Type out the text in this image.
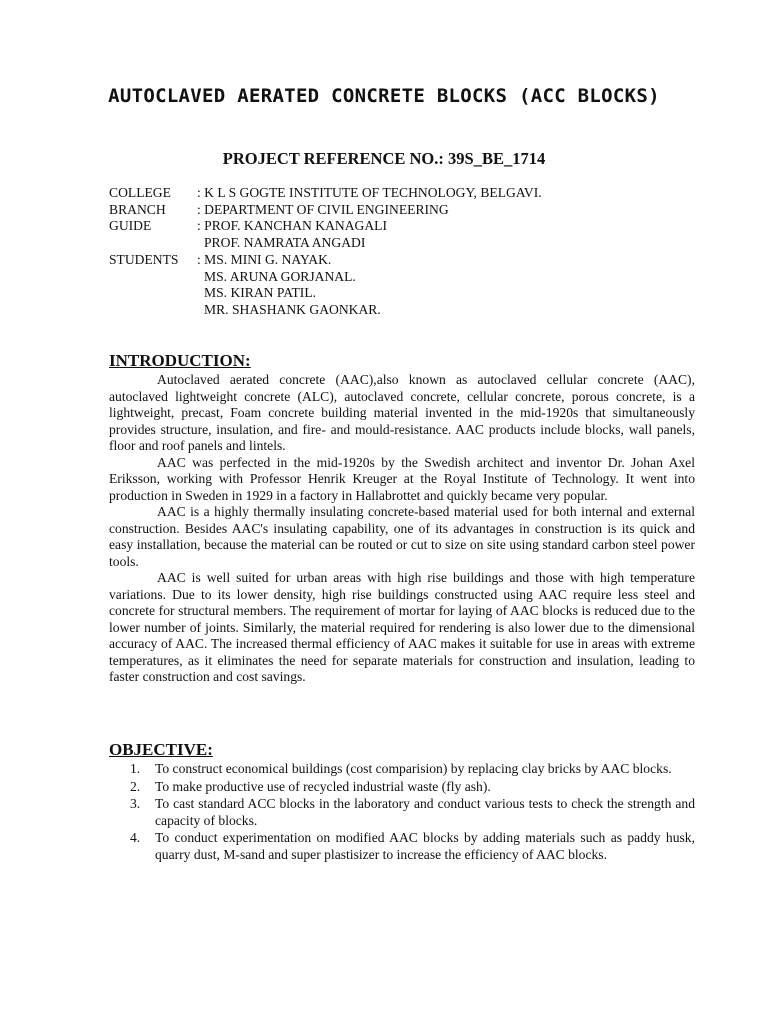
AUTOCLAVED AERATED CONCRETE BLOCKS (ACC BLOCKS)
PROJECT REFERENCE NO.: 39S_BE_1714
COLLEGE	: K L S GOGTE INSTITUTE OF TECHNOLOGY, BELGAVI.
BRANCH	: DEPARTMENT OF CIVIL ENGINEERING
GUIDE	: PROF. KANCHAN KANAGALI
PROF. NAMRATA ANGADI
STUDENTS	: MS. MINI G. NAYAK.
MS. ARUNA GORJANAL.
MS. KIRAN PATIL.
MR. SHASHANK GAONKAR.
INTRODUCTION:

Autoclaved aerated concrete (AAC),also known as autoclaved cellular concrete (AAC), autoclaved lightweight concrete (ALC), autoclaved concrete, cellular concrete, porous concrete, is a lightweight, precast, Foam concrete building material invented in the mid-1920s that simultaneously provides structure, insulation, and fire- and mould-resistance. AAC products include blocks, wall panels, floor and roof panels and lintels.

AAC was perfected in the mid-1920s by the Swedish architect and inventor Dr. Johan Axel Eriksson, working with Professor Henrik Kreuger at the Royal Institute of Technology. It went into production in Sweden in 1929 in a factory in Hallabrottet and quickly became very popular.

AAC is a highly thermally insulating concrete-based material used for both internal and external construction. Besides AAC's insulating capability, one of its advantages in construction is its quick and easy installation, because the material can be routed or cut to size on site using standard carbon steel power tools.

AAC is well suited for urban areas with high rise buildings and those with high temperature variations. Due to its lower density, high rise buildings constructed using AAC require less steel and concrete for structural members. The requirement of mortar for laying of AAC blocks is reduced due to the lower number of joints. Similarly, the material required for rendering is also lower due to the dimensional accuracy of AAC. The increased thermal efficiency of AAC makes it suitable for use in areas with extreme temperatures, as it eliminates the need for separate materials for construction and insulation, leading to faster construction and cost savings.

OBJECTIVE:
1. To construct economical buildings (cost comparision) by replacing clay bricks by AAC blocks.
2. To make productive use of recycled industrial waste (fly ash).
3. To cast standard ACC blocks in the laboratory and conduct various tests to check the strength and capacity of blocks.
4. To conduct experimentation on modified AAC blocks by adding materials such as paddy husk, quarry dust, M-sand and super plastisizer to increase the efficiency of AAC blocks.
